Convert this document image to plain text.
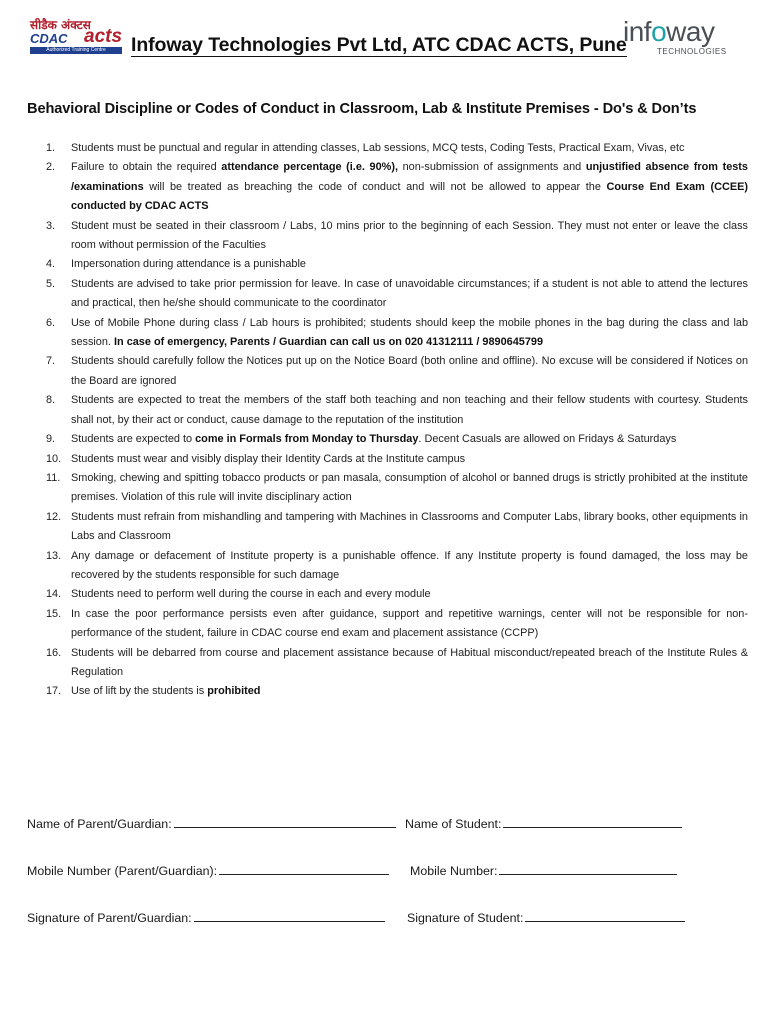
सीडैक अंक्टस
CDAC acts
Authorized Training Centre	Infoway Technologies Pvt Ltd, ATC CDAC ACTS, Pune
infoway
TECHNOLOGIES
Behavioral Discipline or Codes of Conduct in Classroom, Lab & Institute Premises - Do's & Don’ts
1.	Students must be punctual and regular in attending classes, Lab sessions, MCQ tests, Coding Tests, Practical Exam, Vivas, etc
2.	Failure to obtain the required attendance percentage (i.e. 90%), non-submission of assignments and unjustified absence from tests /examinations will be treated as breaching the code of conduct and will not be allowed to appear the Course End Exam (CCEE) conducted by CDAC ACTS
3.	Student must be seated in their classroom / Labs, 10 mins prior to the beginning of each Session. They must not enter or leave the class room without permission of the Faculties
4.	Impersonation during attendance is a punishable
5.	Students are advised to take prior permission for leave. In case of unavoidable circumstances; if a student is not able to attend the lectures and practical, then he/she should communicate to the coordinator
6.	Use of Mobile Phone during class / Lab hours is prohibited; students should keep the mobile phones in the bag during the class and lab session. In case of emergency, Parents / Guardian can call us on 020 41312111 / 9890645799
7.	Students should carefully follow the Notices put up on the Notice Board (both online and offline). No excuse will be considered if Notices on the Board are ignored
8.	Students are expected to treat the members of the staff both teaching and non teaching and their fellow students with courtesy. Students shall not, by their act or conduct, cause damage to the reputation of the institution
9.	Students are expected to come in Formals from Monday to Thursday. Decent Casuals are allowed on Fridays & Saturdays
10. Students must wear and visibly display their Identity Cards at the Institute campus
11. Smoking, chewing and spitting tobacco products or pan masala, consumption of alcohol or banned drugs is strictly prohibited at the institute premises. Violation of this rule will invite disciplinary action
12. Students must refrain from mishandling and tampering with Machines in Classrooms and Computer Labs, library books, other equipments in Labs and Classroom
13. Any damage or defacement of Institute property is a punishable offence. If any Institute property is found damaged, the loss may be recovered by the students responsible for such damage
14. Students need to perform well during the course in each and every module
15. In case the poor performance persists even after guidance, support and repetitive warnings, center will not be responsible for non-performance of the student, failure in CDAC course end exam and placement assistance (CCPP)
16. Students will be debarred from course and placement assistance because of Habitual misconduct/repeated breach of the Institute Rules & Regulation
17. Use of lift by the students is prohibited
Name of Parent/Guardian:	Name of Student:
Mobile Number (Parent/Guardian):	Mobile Number:
Signature of Parent/Guardian:	Signature of Student:
